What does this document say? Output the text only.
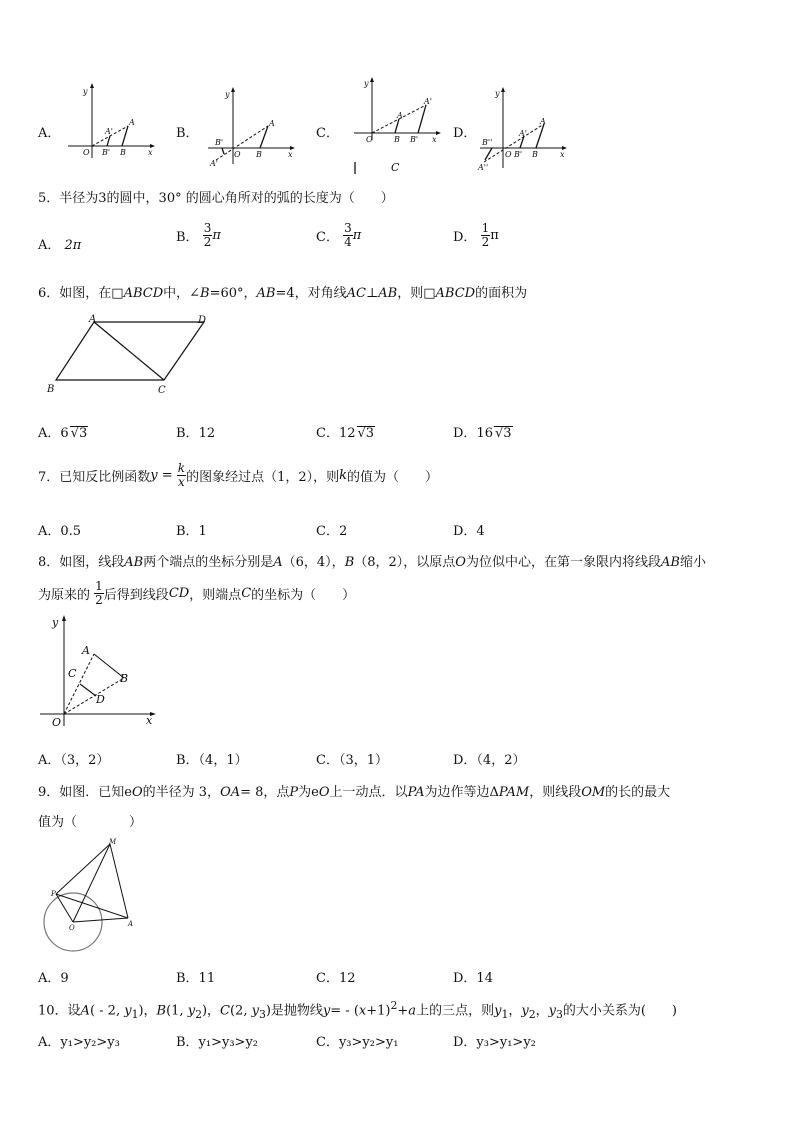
A．	B．	C．	D．
y
x
O
A
B
A'
B'
y
x
O
A
B
B'
A'
y
x
O
A
B
A'
B'
C
y
x
O
A
B
A'
B'
B''
A''
5．半径为3的圆中，30° 的圆心角所对的弧的长度为（　　）
A． 2π
B． $\frac{3}{2}$ π	C． $\frac{3}{4}$ π	D． $\frac{1}{2}$ π
6．如图，在□ABCD中，∠B=60°，AB=4，对角线AC⊥AB，则□ABCD的面积为
A	D
B	C
A．6 √3	B．12	C．12 √3	D．16 √3
7．已知反比例函数$y = \frac{k}{x}$ 的图象经过点（1，2），则k的值为（　　）
A．0.5	B．1	C．2	D．4
8．如图，线段AB两个端点的坐标分别是A（6，4），B（8，2），以原点O为位似中心，在第一象限内将线段AB缩小
为原来的 $\frac{1}{2}$ 后得到线段CD，则端点C的坐标为（　　）
y
x
O
A
B
C
D
A．（3，2）	B．（4，1）	C．（3，1）	D．（4，2）
9．如图．已知eO的半径为 3，OA= 8，点P为eO上一动点．以PA为边作等边ΔPAM，则线段OM的长的最大
值为（　　　　）
M
P
O	A
A．9	B．11	C．12	D．14
10．设A( - 2, $y_1$)，B(1, $y_2$)，C(2, $y_3$)是抛物线$y= - (x+1)^2+a$上的三点，则$y_1$，$y_2$，$y_3$的大小关系为(　　)
A．y₁>y₂>y₃	B．y₁>y₃>y₂	C．y₃>y₂>y₁	D．y₃>y₁>y₂
